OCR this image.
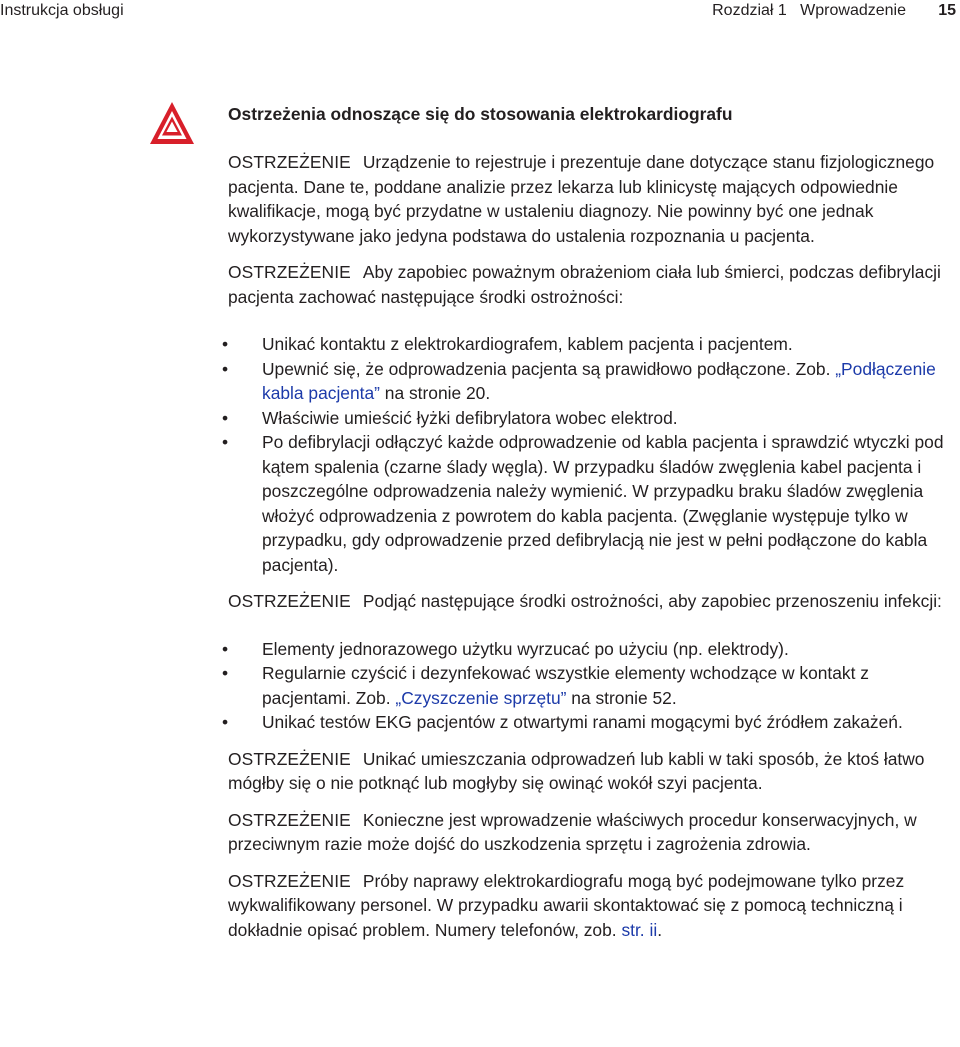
Instrukcja obsługi	Rozdział 1   Wprowadzenie 15
Ostrzeżenia odnoszące się do stosowania elektrokardiografu

OSTRZEŻENIE Urządzenie to rejestruje i prezentuje dane dotyczące stanu fizjologicznego pacjenta. Dane te, poddane analizie przez lekarza lub klinicystę mających odpowiednie kwalifikacje, mogą być przydatne w ustaleniu diagnozy. Nie powinny być one jednak wykorzystywane jako jedyna podstawa do ustalenia rozpoznania u pacjenta.

OSTRZEŻENIE Aby zapobiec poważnym obrażeniom ciała lub śmierci, podczas defibrylacji pacjenta zachować następujące środki ostrożności:

• Unikać kontaktu z elektrokardiografem, kablem pacjenta i pacjentem.
• Upewnić się, że odprowadzenia pacjenta są prawidłowo podłączone. Zob. „Podłączenie kabla pacjenta” na stronie 20.
• Właściwie umieścić łyżki defibrylatora wobec elektrod.
• Po defibrylacji odłączyć każde odprowadzenie od kabla pacjenta i sprawdzić wtyczki pod kątem spalenia (czarne ślady węgla). W przypadku śladów zwęglenia kabel pacjenta i poszczególne odprowadzenia należy wymienić. W przypadku braku śladów zwęglenia włożyć odprowadzenia z powrotem do kabla pacjenta. (Zwęglanie występuje tylko w przypadku, gdy odprowadzenie przed defibrylacją nie jest w pełni podłączone do kabla pacjenta).

OSTRZEŻENIE Podjąć następujące środki ostrożności, aby zapobiec przenoszeniu infekcji:

• Elementy jednorazowego użytku wyrzucać po użyciu (np. elektrody).
• Regularnie czyścić i dezynfekować wszystkie elementy wchodzące w kontakt z pacjentami. Zob. „Czyszczenie sprzętu” na stronie 52.
• Unikać testów EKG pacjentów z otwartymi ranami mogącymi być źródłem zakażeń.

OSTRZEŻENIE Unikać umieszczania odprowadzeń lub kabli w taki sposób, że ktoś łatwo mógłby się o nie potknąć lub mogłyby się owinąć wokół szyi pacjenta.

OSTRZEŻENIE Konieczne jest wprowadzenie właściwych procedur konserwacyjnych, w przeciwnym razie może dojść do uszkodzenia sprzętu i zagrożenia zdrowia.

OSTRZEŻENIE Próby naprawy elektrokardiografu mogą być podejmowane tylko przez wykwalifikowany personel. W przypadku awarii skontaktować się z pomocą techniczną i dokładnie opisać problem. Numery telefonów, zob. str. ii.
